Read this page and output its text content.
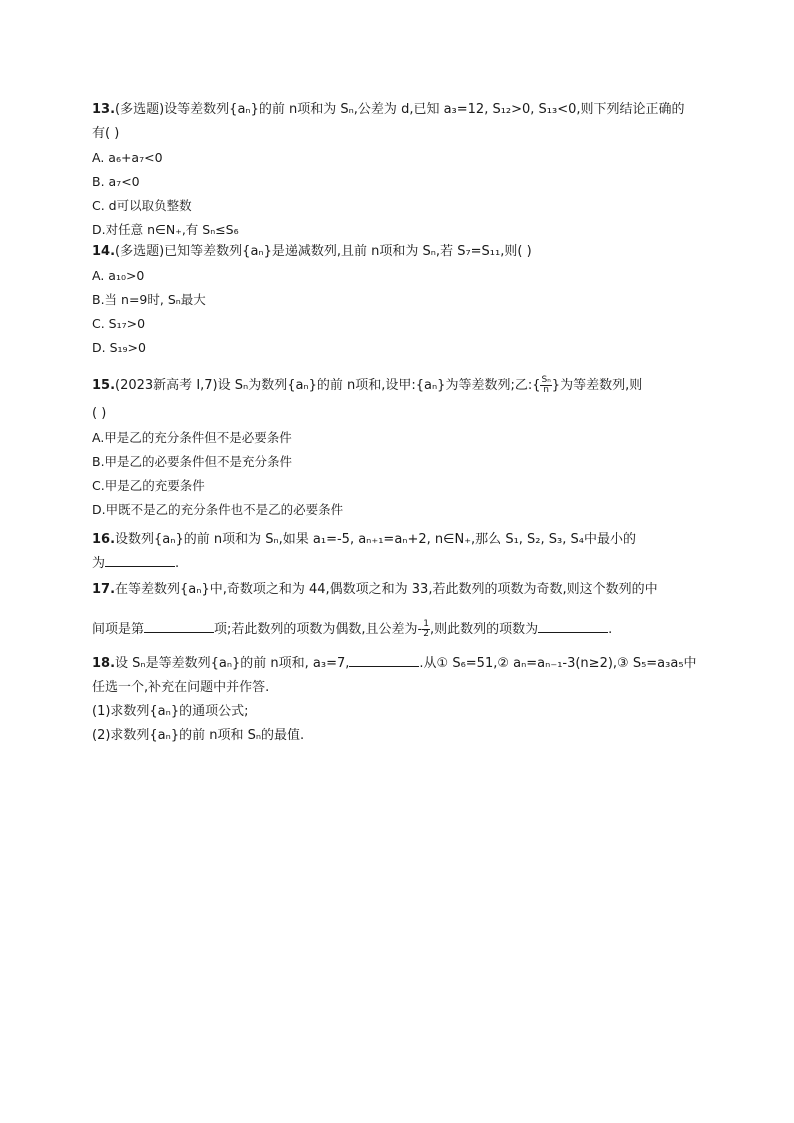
13.(多选题)设等差数列{aₙ}的前 n项和为 Sₙ,公差为 d,已知 a₃=12, S₁₂>0, S₁₃<0,则下列结论正确的
有( )
A. a₆+a₇<0
B. a₇<0
C. d可以取负整数
D.对任意 n∈N₊,有 Sₙ≤S₆
14.(多选题)已知等差数列{aₙ}是递减数列,且前 n项和为 Sₙ,若 S₇=S₁₁,则( )
A. a₁₀>0
B.当 n=9时, Sₙ最大
C. S₁₇>0
D. S₁₉>0
15.(2023新高考 Ⅰ,7)设 Sₙ为数列{aₙ}的前 n项和,设甲:{aₙ}为等差数列;乙:{ $\frac{\text{Sₙ}}{n}$ }为等差数列,则
( )
A.甲是乙的充分条件但不是必要条件
B.甲是乙的必要条件但不是充分条件
C.甲是乙的充要条件
D.甲既不是乙的充分条件也不是乙的必要条件
16.设数列{aₙ}的前 n项和为 Sₙ,如果 a₁=-5, aₙ₊₁=aₙ+2, n∈N₊,那么 S₁, S₂, S₃, S₄中最小的
为	.
17.在等差数列{aₙ}中,奇数项之和为 44,偶数项之和为 33,若此数列的项数为奇数,则这个数列的中
间项是第	项;若此数列的项数为偶数,且公差为- $\frac{1}{2}$ ,则此数列的项数为	.
18.设 Sₙ是等差数列{aₙ}的前 n项和, a₃=7,	.从① S₆=51,② aₙ=aₙ₋₁-3(n≥2),③ S₅=a₃a₅中
任选一个,补充在问题中并作答.
(1)求数列{aₙ}的通项公式;
(2)求数列{aₙ}的前 n项和 Sₙ的最值.
